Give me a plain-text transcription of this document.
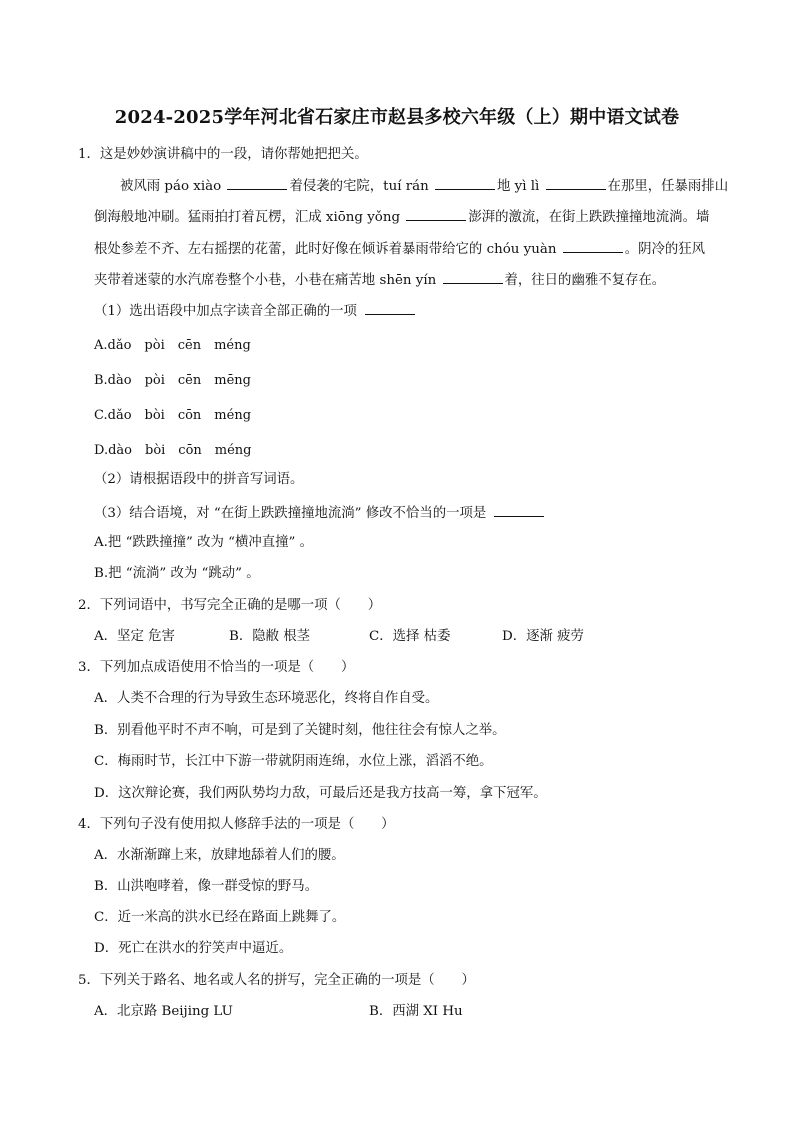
2024-2025学年河北省石家庄市赵县多校六年级（上）期中语文试卷
1．这是妙妙演讲稿中的一段，请你帮她把把关。
被风雨 páo xiào	着侵袭的宅院，tuí rán	地 yì lì	在那里，任暴雨排山
倒海般地冲刷。猛雨拍打着瓦楞，汇成 xiōng yǒng	澎湃的激流，在街上跌跌撞撞地流淌。墙
根处参差不齐、左右摇摆的花蕾，此时好像在倾诉着暴雨带给它的 chóu yuàn	。阴冷的狂风
夹带着迷蒙的水汽席卷整个小巷，小巷在痛苦地 shēn yín	着，往日的幽雅不复存在。
（1）选出语段中加点字读音全部正确的一项
A.dǎo　pòi　cēn　méng
B.dào　pòi　cēn　mēng
C.dǎo　bòi　cōn　méng
D.dào　bòi　cōn　méng
（2）请根据语段中的拼音写词语。
（3）结合语境，对 “在街上跌跌撞撞地流淌” 修改不恰当的一项是
A.把 “跌跌撞撞” 改为 “横冲直撞” 。
B.把 “流淌” 改为 “跳动” 。
2．下列词语中，书写完全正确的是哪一项（　　）
A．坚定 危害	B．隐敝 根茎	C．选择 枯委	D．逐渐 疲劳
3．下列加点成语使用不恰当的一项是（　　）
A．人类不合理的行为导致生态环境恶化，终将自作自受。
B．别看他平时不声不响，可是到了关键时刻，他往往会有惊人之举。
C．梅雨时节，长江中下游一带就阴雨连绵，水位上涨，滔滔不绝。
D．这次辩论赛，我们两队势均力敌，可最后还是我方技高一筹，拿下冠军。
4．下列句子没有使用拟人修辞手法的一项是（　　）
A．水渐渐蹿上来，放肆地舔着人们的腰。
B．山洪咆哮着，像一群受惊的野马。
C．近一米高的洪水已经在路面上跳舞了。
D．死亡在洪水的狞笑声中逼近。
5．下列关于路名、地名或人名的拼写，完全正确的一项是（　　）
A．北京路 Beijing LU	B．西湖 XI Hu
